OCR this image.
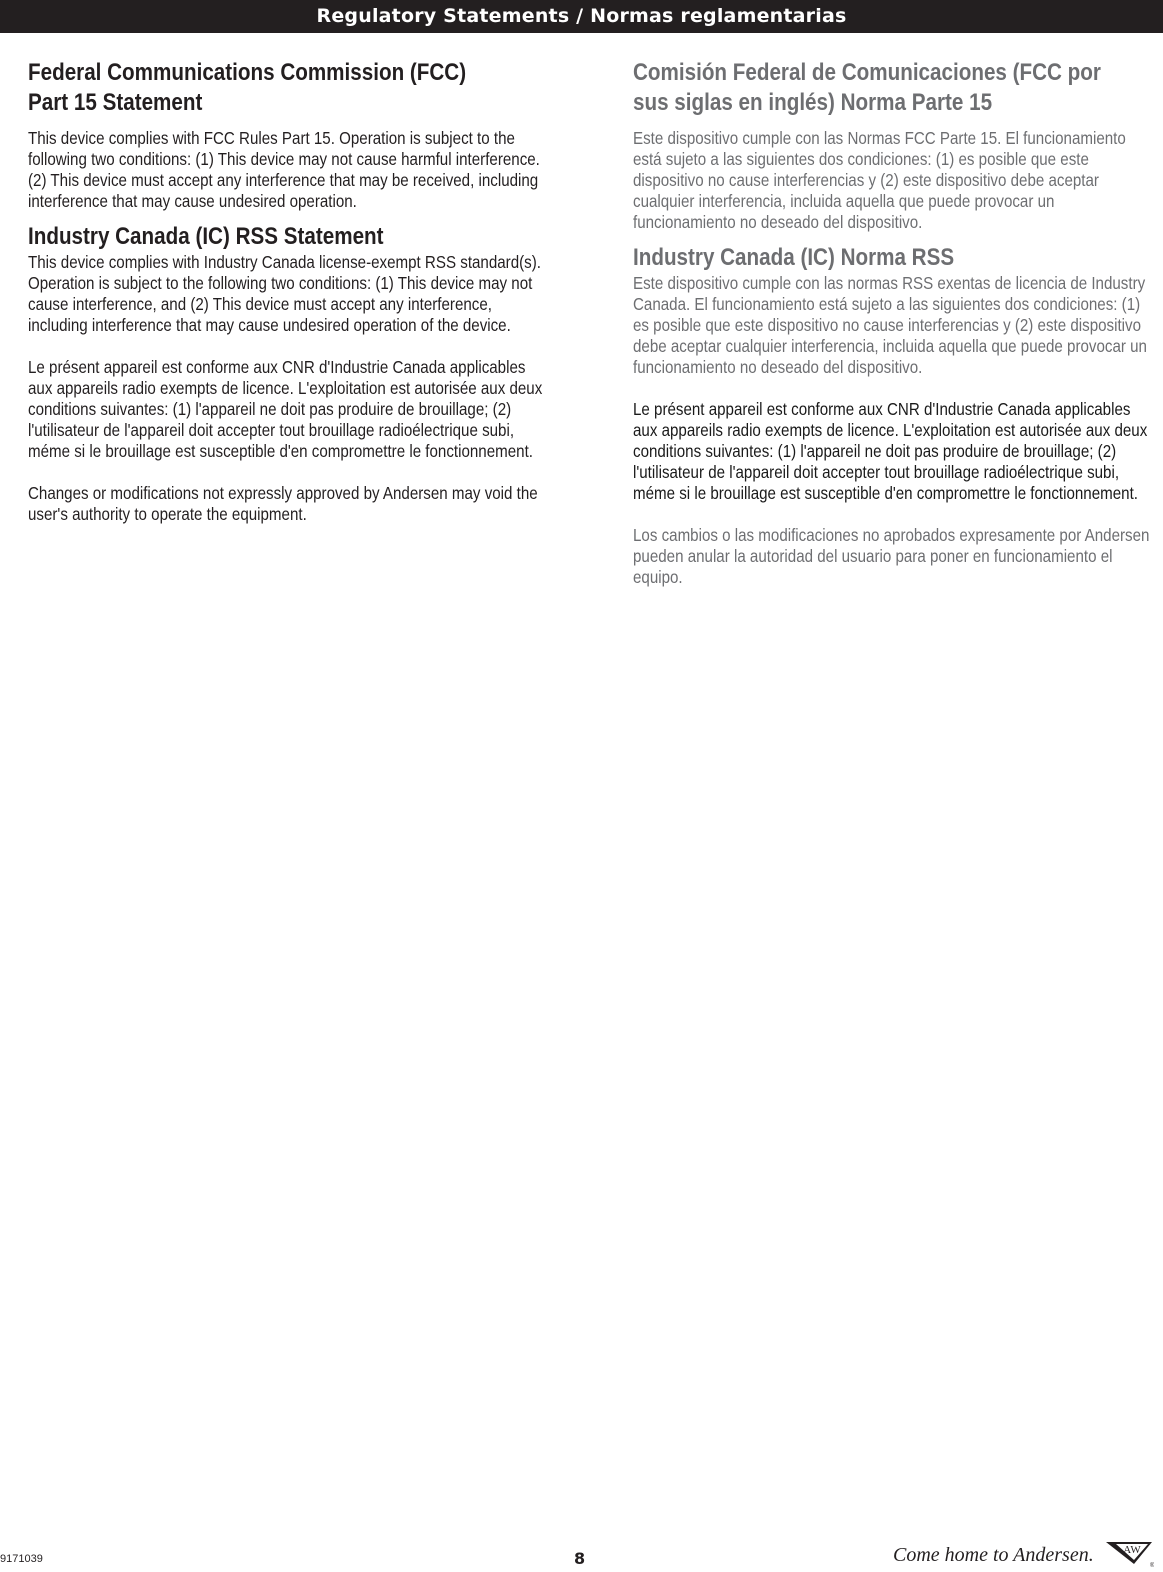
Regulatory Statements / Normas reglamentarias
Federal Communications Commission (FCC)
Part 15 Statement

This device complies with FCC Rules Part 15. Operation is subject to the following two conditions: (1) This device may not cause harmful interference. (2) This device must accept any interference that may be received, including interference that may cause undesired operation.

Industry Canada (IC) RSS Statement

This device complies with Industry Canada license-exempt RSS standard(s). Operation is subject to the following two conditions: (1) This device may not cause interference, and (2) This device must accept any interference, including interference that may cause undesired operation of the device.

Le présent appareil est conforme aux CNR d'Industrie Canada applicables aux appareils radio exempts de licence. L'exploitation est autorisée aux deux conditions suivantes: (1) l'appareil ne doit pas produire de brouillage; (2) l'utilisateur de l'appareil doit accepter tout brouillage radioélectrique subi, méme si le brouillage est susceptible d'en compromettre le fonctionnement.

Changes or modifications not expressly approved by Andersen may void the user's authority to operate the equipment.

Comisión Federal de Comunicaciones (FCC por
sus siglas en inglés) Norma Parte 15

Este dispositivo cumple con las Normas FCC Parte 15. El funcionamiento está sujeto a las siguientes dos condiciones: (1) es posible que este dispositivo no cause interferencias y (2) este dispositivo debe aceptar cualquier interferencia, incluida aquella que puede provocar un funcionamiento no deseado del dispositivo.

Industry Canada (IC) Norma RSS

Este dispositivo cumple con las normas RSS exentas de licencia de Industry Canada. El funcionamiento está sujeto a las siguientes dos condiciones: (1) es posible que este dispositivo no cause interferencias y (2) este dispositivo debe aceptar cualquier interferencia, incluida aquella que puede provocar un funcionamiento no deseado del dispositivo.

Le présent appareil est conforme aux CNR d'Industrie Canada applicables aux appareils radio exempts de licence. L'exploitation est autorisée aux deux conditions suivantes: (1) l'appareil ne doit pas produire de brouillage; (2) l'utilisateur de l'appareil doit accepter tout brouillage radioélectrique subi, méme si le brouillage est susceptible d'en compromettre le fonctionnement.

Los cambios o las modificaciones no aprobados expresamente por Andersen pueden anular la autoridad del usuario para poner en funcionamiento el equipo.

9171039	8	Come home to Andersen.	AW
®
